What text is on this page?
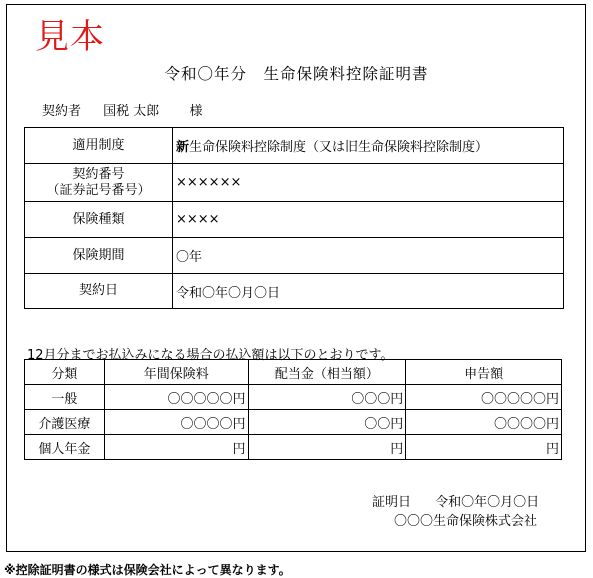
見本
令和〇年分　生命保険料控除証明書
契約者 国税 太郎 様
適用制度	新生命保険料控除制度（又は旧生命保険料控除制度）

契約番号
（証券記号番号）	××××××
保険種類	××××
保険期間	〇年
契約日	令和〇年〇月〇日
12月分までお払込みになる場合の払込額は以下のとおりです。
分類	年間保険料	配当金（相当額）	申告額
一般	〇〇〇〇〇円	〇〇〇円	〇〇〇〇〇円
介護医療	〇〇〇〇円	〇〇円	〇〇〇〇円
個人年金	円	円	円
証明日 令和〇年〇月〇日
〇〇〇生命保険株式会社
※控除証明書の様式は保険会社によって異なります。
